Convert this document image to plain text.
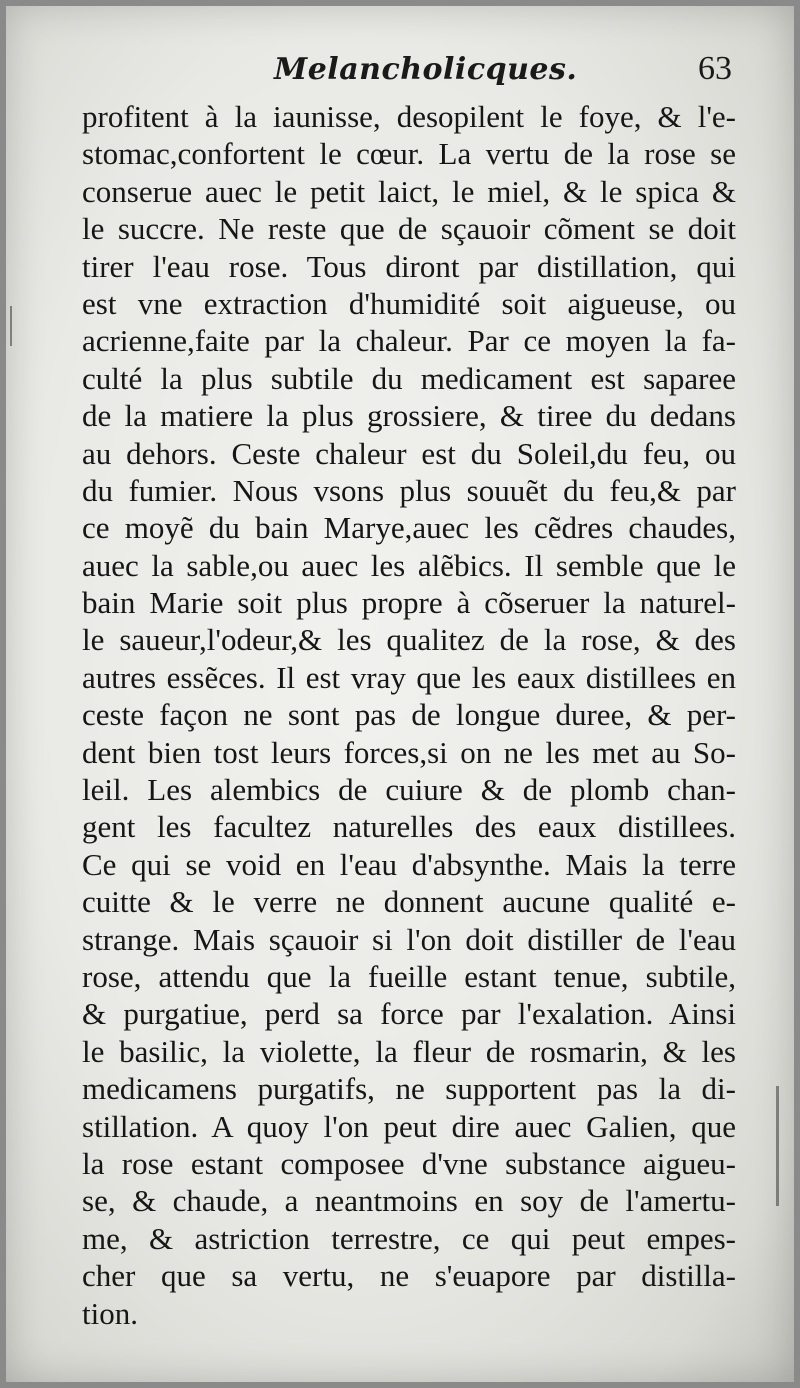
Melancholicques.	63
profitent à la iaunisse, desopilent le foye, & l'e-
stomac,confortent le cœur. La vertu de la rose se
conserue auec le petit laict, le miel, & le spica &
le succre. Ne reste que de sçauoir cõment se doit
tirer l'eau rose. Tous diront par distillation, qui
est vne extraction d'humidité soit aigueuse, ou
acrienne,faite par la chaleur. Par ce moyen la fa-
culté la plus subtile du medicament est saparee
de la matiere la plus grossiere, & tiree du dedans
au dehors. Ceste chaleur est du Soleil,du feu, ou
du fumier. Nous vsons plus souuẽt du feu,& par
ce moyẽ du bain Marye,auec les cẽdres chaudes,
auec la sable,ou auec les alẽbics. Il semble que le
bain Marie soit plus propre à cõseruer la naturel-
le saueur,l'odeur,& les qualitez de la rose, & des
autres essẽces. Il est vray que les eaux distillees en
ceste façon ne sont pas de longue duree, & per-
dent bien tost leurs forces,si on ne les met au So-
leil. Les alembics de cuiure & de plomb chan-
gent les facultez naturelles des eaux distillees.
Ce qui se void en l'eau d'absynthe. Mais la terre
cuitte & le verre ne donnent aucune qualité e-
strange. Mais sçauoir si l'on doit distiller de l'eau
rose, attendu que la fueille estant tenue, subtile,
& purgatiue, perd sa force par l'exalation. Ainsi
le basilic, la violette, la fleur de rosmarin, & les
medicamens purgatifs, ne supportent pas la di-
stillation. A quoy l'on peut dire auec Galien, que
la rose estant composee d'vne substance aigueu-
se, & chaude, a neantmoins en soy de l'amertu-
me, & astriction terrestre, ce qui peut empes-
cher que sa vertu, ne s'euapore par distilla-
tion.
